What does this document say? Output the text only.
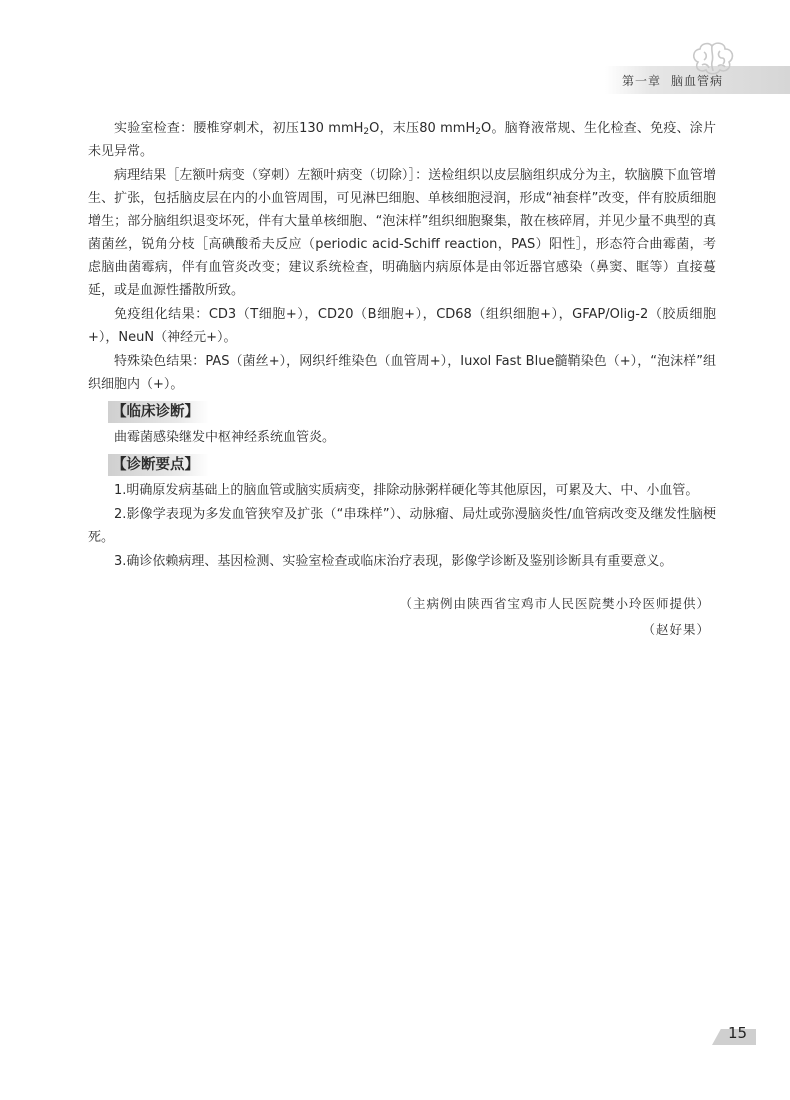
第一章 脑血管病

实验室检查：腰椎穿刺术，初压130 mmH$_2$O，末压80 mmH$_2$O。脑脊液常规、生化检查、免疫、涂片未见异常。

病理结果［左额叶病变（穿刺）左额叶病变（切除）］：送检组织以皮层脑组织成分为主，软脑膜下血管增生、扩张，包括脑皮层在内的小血管周围，可见淋巴细胞、单核细胞浸润，形成“袖套样”改变，伴有胶质细胞增生；部分脑组织退变坏死，伴有大量单核细胞、“泡沫样”组织细胞聚集，散在核碎屑，并见少量不典型的真菌菌丝，锐角分枝［高碘酸希夫反应（periodic acid-Schiff reaction，PAS）阳性］，形态符合曲霉菌，考虑脑曲菌霉病，伴有血管炎改变；建议系统检查，明确脑内病原体是由邻近器官感染（鼻窦、眶等）直接蔓延，或是血源性播散所致。

免疫组化结果：CD3（T细胞+），CD20（B细胞+），CD68（组织细胞+），GFAP/Olig-2（胶质细胞+），NeuN（神经元+）。

特殊染色结果：PAS（菌丝+），网织纤维染色（血管周+），Iuxol Fast Blue髓鞘染色（+），“泡沫样”组织细胞内（+）。

【临床诊断】

曲霉菌感染继发中枢神经系统血管炎。

【诊断要点】

1.明确原发病基础上的脑血管或脑实质病变，排除动脉粥样硬化等其他原因，可累及大、中、小血管。

2.影像学表现为多发血管狭窄及扩张（“串珠样”）、动脉瘤、局灶或弥漫脑炎性/血管病改变及继发性脑梗死。

3.确诊依赖病理、基因检测、实验室检查或临床治疗表现，影像学诊断及鉴别诊断具有重要意义。

（主病例由陕西省宝鸡市人民医院樊小玲医师提供）
（赵好果）
15
